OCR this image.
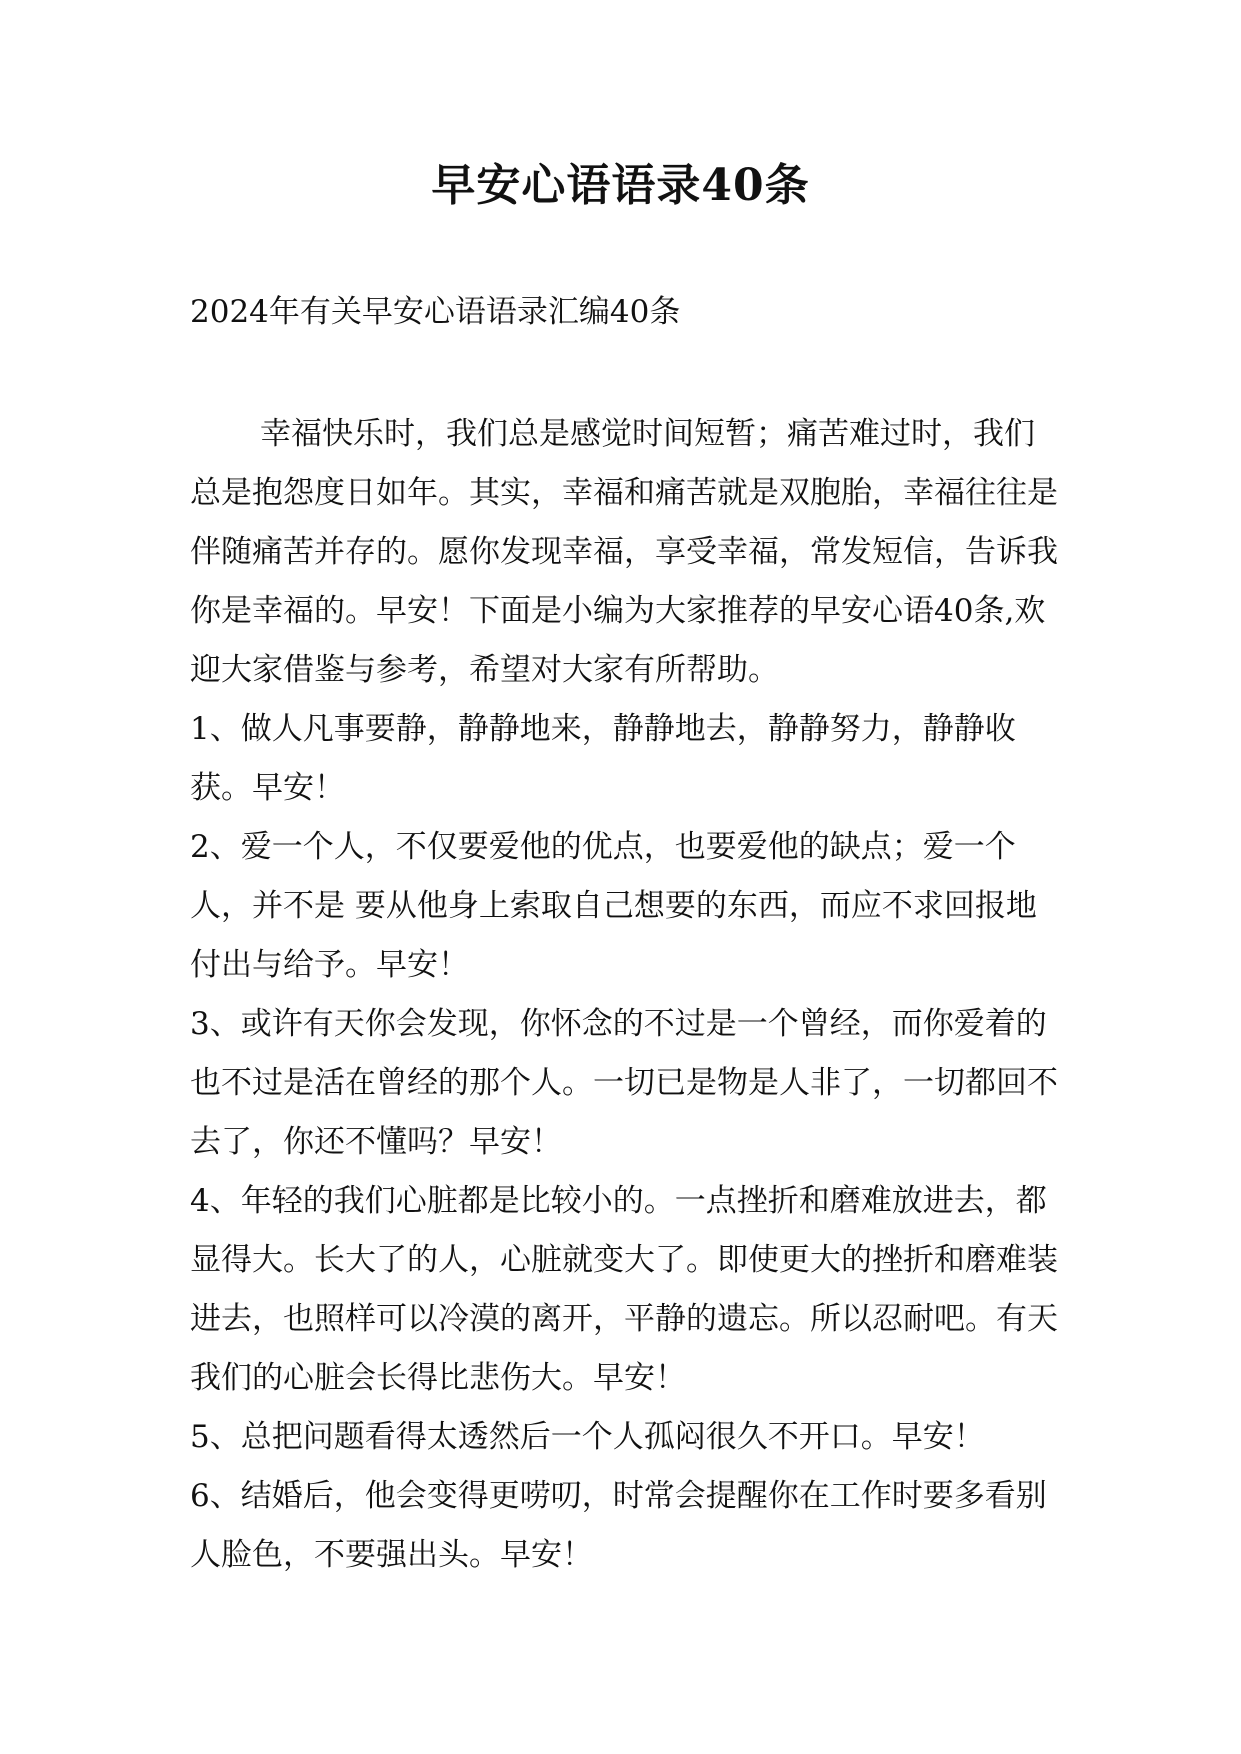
早安心语语录40条
2024年有关早安心语语录汇编40条

幸福快乐时，我们总是感觉时间短暂；痛苦难过时，我们总是抱怨度日如年。其实，幸福和痛苦就是双胞胎，幸福往往是伴随痛苦并存的。愿你发现幸福，享受幸福，常发短信，告诉我你是幸福的。早安！下面是小编为大家推荐的早安心语40条,欢迎大家借鉴与参考，希望对大家有所帮助。

1、做人凡事要静，静静地来，静静地去，静静努力，静静收获。早安！

2、爱一个人，不仅要爱他的优点，也要爱他的缺点；爱一个人，并不是 要从他身上索取自己想要的东西，而应不求回报地付出与给予。早安！

3、或许有天你会发现，你怀念的不过是一个曾经，而你爱着的也不过是活在曾经的那个人。一切已是物是人非了，一切都回不去了，你还不懂吗？早安！

4、年轻的我们心脏都是比较小的。一点挫折和磨难放进去，都显得大。长大了的人，心脏就变大了。即使更大的挫折和磨难装进去，也照样可以冷漠的离开，平静的遗忘。所以忍耐吧。有天我们的心脏会长得比悲伤大。早安！

5、总把问题看得太透然后一个人孤闷很久不开口。早安！

6、结婚后，他会变得更唠叨，时常会提醒你在工作时要多看别人脸色，不要强出头。早安！
